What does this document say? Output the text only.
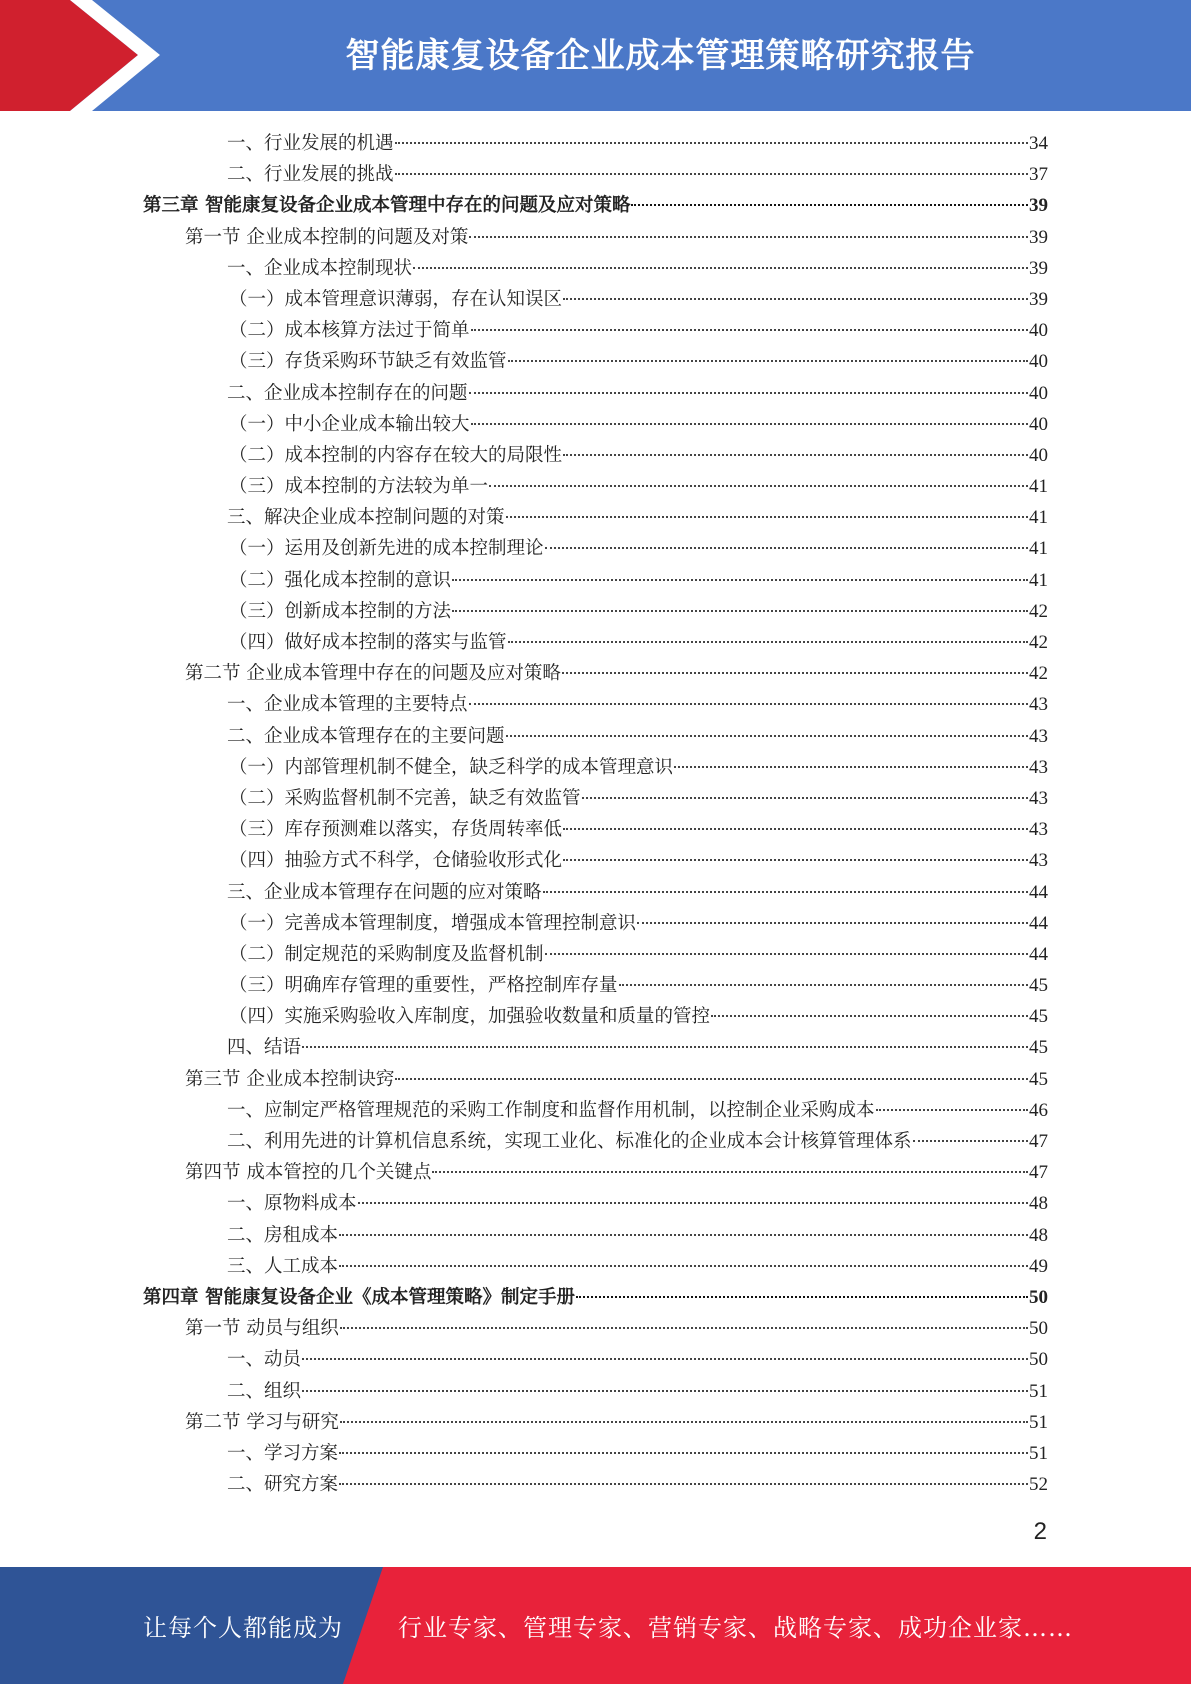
智能康复设备企业成本管理策略研究报告
一、行业发展的机遇	34
二、行业发展的挑战	37
第三章 智能康复设备企业成本管理中存在的问题及应对策略	39
第一节 企业成本控制的问题及对策	39
一、企业成本控制现状	39
（一）成本管理意识薄弱，存在认知误区	39
（二）成本核算方法过于简单	40
（三）存货采购环节缺乏有效监管	40
二、企业成本控制存在的问题	40
（一）中小企业成本输出较大	40
（二）成本控制的内容存在较大的局限性	40
（三）成本控制的方法较为单一	41
三、解决企业成本控制问题的对策	41
（一）运用及创新先进的成本控制理论	41
（二）强化成本控制的意识	41
（三）创新成本控制的方法	42
（四）做好成本控制的落实与监管	42
第二节 企业成本管理中存在的问题及应对策略	42
一、企业成本管理的主要特点	43
二、企业成本管理存在的主要问题	43
（一）内部管理机制不健全，缺乏科学的成本管理意识	43
（二）采购监督机制不完善，缺乏有效监管	43
（三）库存预测难以落实，存货周转率低	43
（四）抽验方式不科学，仓储验收形式化	43
三、企业成本管理存在问题的应对策略	44
（一）完善成本管理制度，增强成本管理控制意识	44
（二）制定规范的采购制度及监督机制	44
（三）明确库存管理的重要性，严格控制库存量	45
（四）实施采购验收入库制度，加强验收数量和质量的管控	45
四、结语	45
第三节 企业成本控制诀窍	45
一、应制定严格管理规范的采购工作制度和监督作用机制，以控制企业采购成本	46
二、利用先进的计算机信息系统，实现工业化、标准化的企业成本会计核算管理体系	47
第四节 成本管控的几个关键点	47
一、原物料成本	48
二、房租成本	48
三、人工成本	49
第四章 智能康复设备企业《成本管理策略》制定手册	50
第一节 动员与组织	50
一、动员	50
二、组织	51
第二节 学习与研究	51
一、学习方案	51
二、研究方案	52
2
让每个人都能成为 行业专家、管理专家、营销专家、战略专家、成功企业家……
